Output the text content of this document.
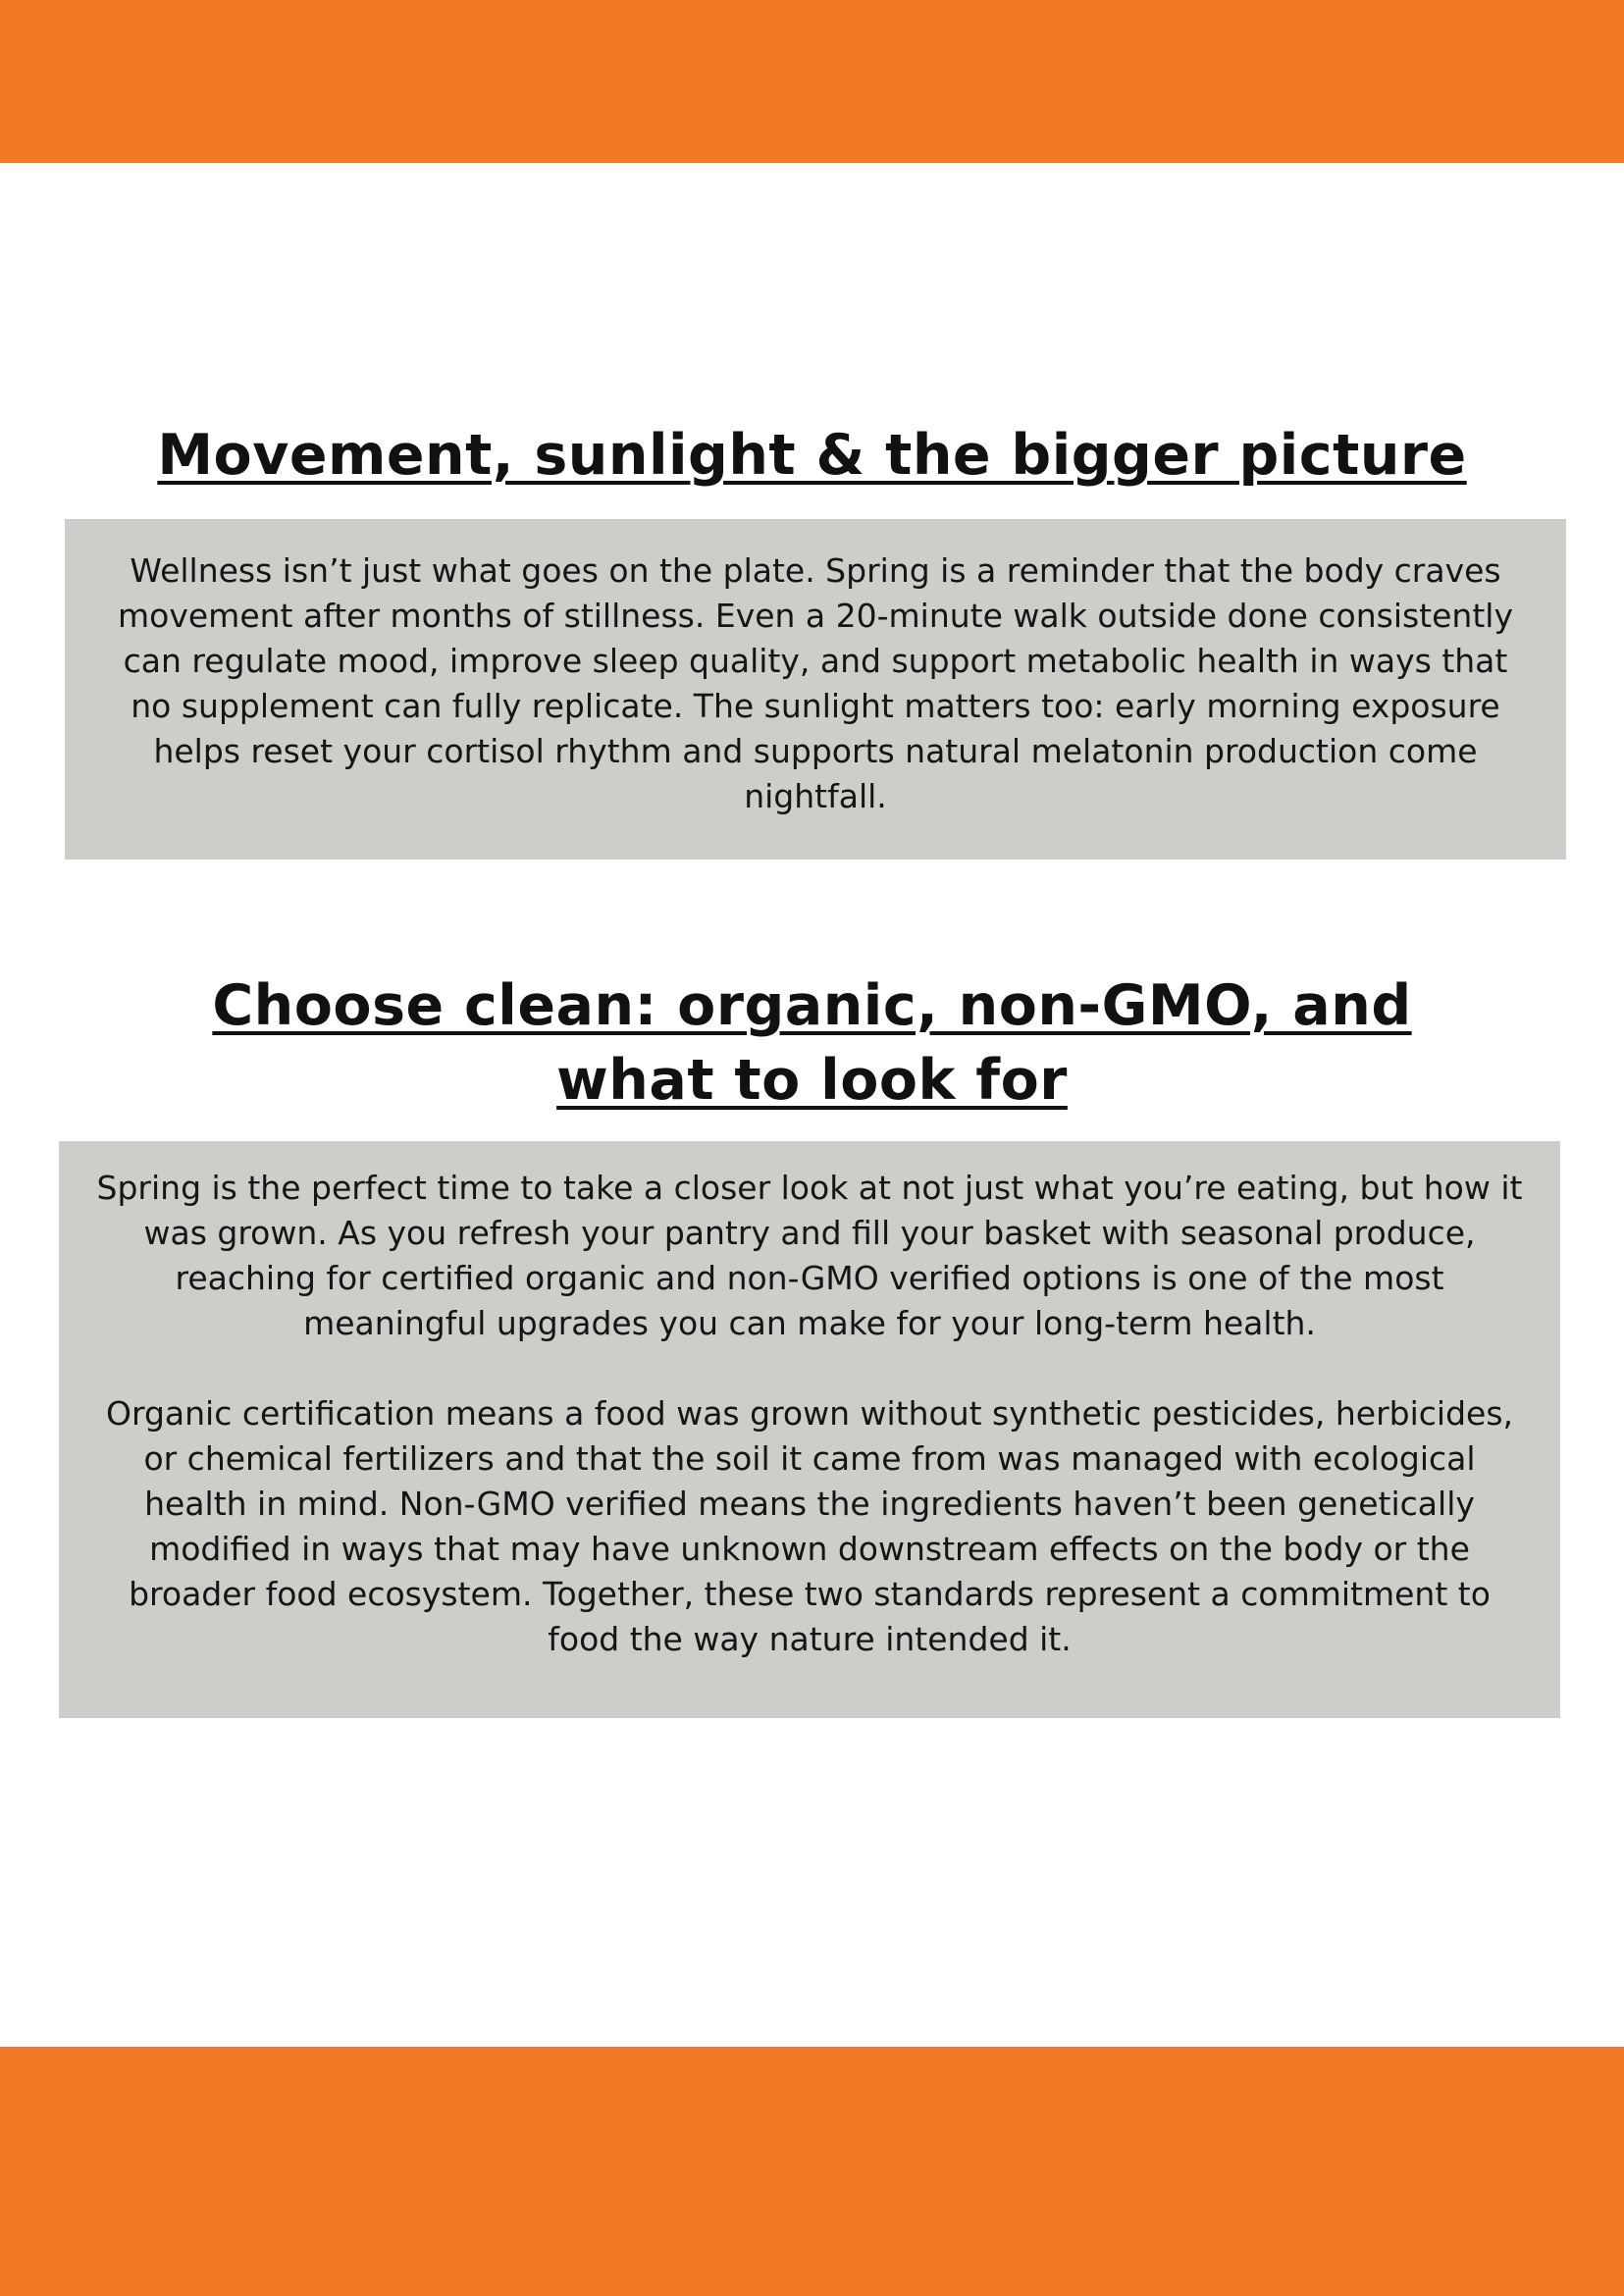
Movement, sunlight & the bigger picture

Wellness isn’t just what goes on the plate. Spring is a reminder that the body craves movement after months of stillness. Even a 20-minute walk outside done consistently can regulate mood, improve sleep quality, and support metabolic health in ways that no supplement can fully replicate. The sunlight matters too: early morning exposure helps reset your cortisol rhythm and supports natural melatonin production come nightfall.

Choose clean: organic, non-GMO, and what to look for

Spring is the perfect time to take a closer look at not just what you’re eating, but how it was grown. As you refresh your pantry and fill your basket with seasonal produce, reaching for certified organic and non-GMO verified options is one of the most meaningful upgrades you can make for your long-term health.

Organic certification means a food was grown without synthetic pesticides, herbicides, or chemical fertilizers and that the soil it came from was managed with ecological health in mind. Non-GMO verified means the ingredients haven’t been genetically modified in ways that may have unknown downstream effects on the body or the broader food ecosystem. Together, these two standards represent a commitment to food the way nature intended it.
